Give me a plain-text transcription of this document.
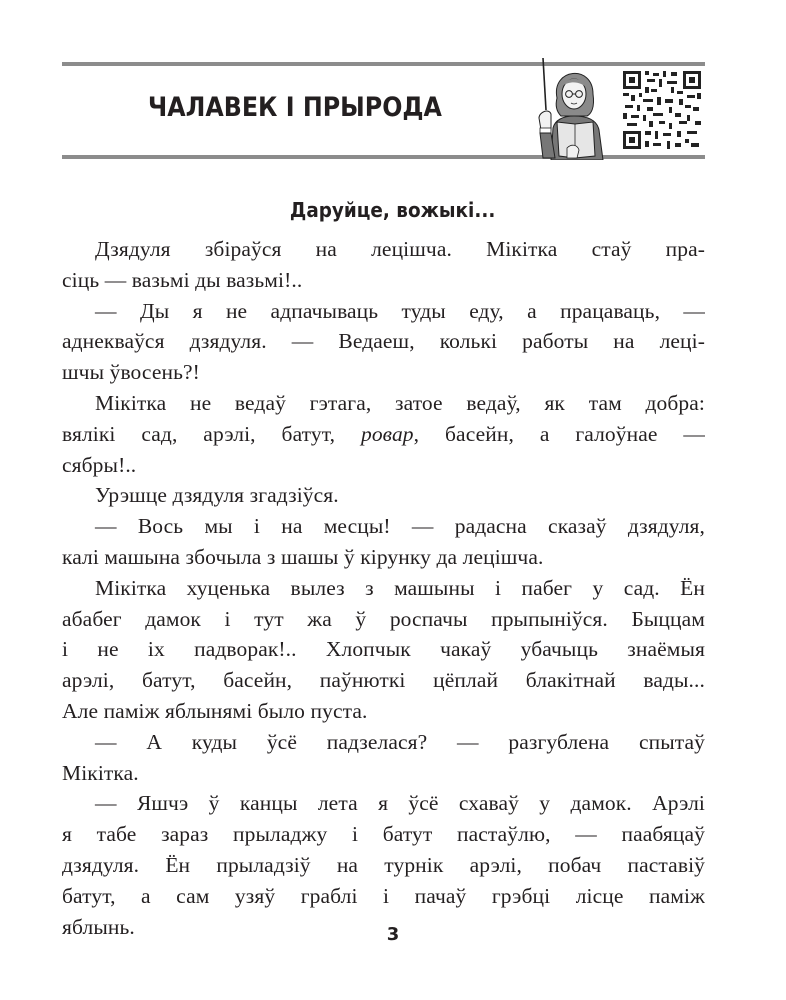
ЧАЛАВЕК І ПРЫРОДА
Даруйце, вожыкі...
Дзядуля збіраўся на лецішча. Мікітка стаў пра-
сіць — вазьмі ды вазьмі!..
— Ды я не адпачываць туды еду, а працаваць, —
аднекваўся дзядуля. — Ведаеш, колькі работы на леці-
шчы ўвосень?!
Мікітка не ведаў гэтага, затое ведаў, як там добра:
вялікі сад, арэлі, батут, ровар, басейн, а галоўнае —
сябры!..
Урэшце дзядуля згадзіўся.
— Вось мы і на месцы! — радасна сказаў дзядуля,
калі машына збочыла з шашы ў кірунку да лецішча.
Мікітка хуценька вылез з машыны і пабег у сад. Ён
абабег дамок і тут жа ў роспачы прыпыніўся. Быццам
і не іх падворак!.. Хлопчык чакаў убачыць знаёмыя
арэлі, батут, басейн, паўнюткі цёплай блакітнай вады...
Але паміж яблынямі было пуста.
— А куды ўсё падзелася? — разгублена спытаў
Мікітка.
— Яшчэ ў канцы лета я ўсё схаваў у дамок. Арэлі
я табе зараз прыладжу і батут пастаўлю, — паабяцаў
дзядуля. Ён прыладзіў на турнік арэлі, побач паставіў
батут, а сам узяў граблі і пачаў грэбці лісце паміж
яблынь.	3
